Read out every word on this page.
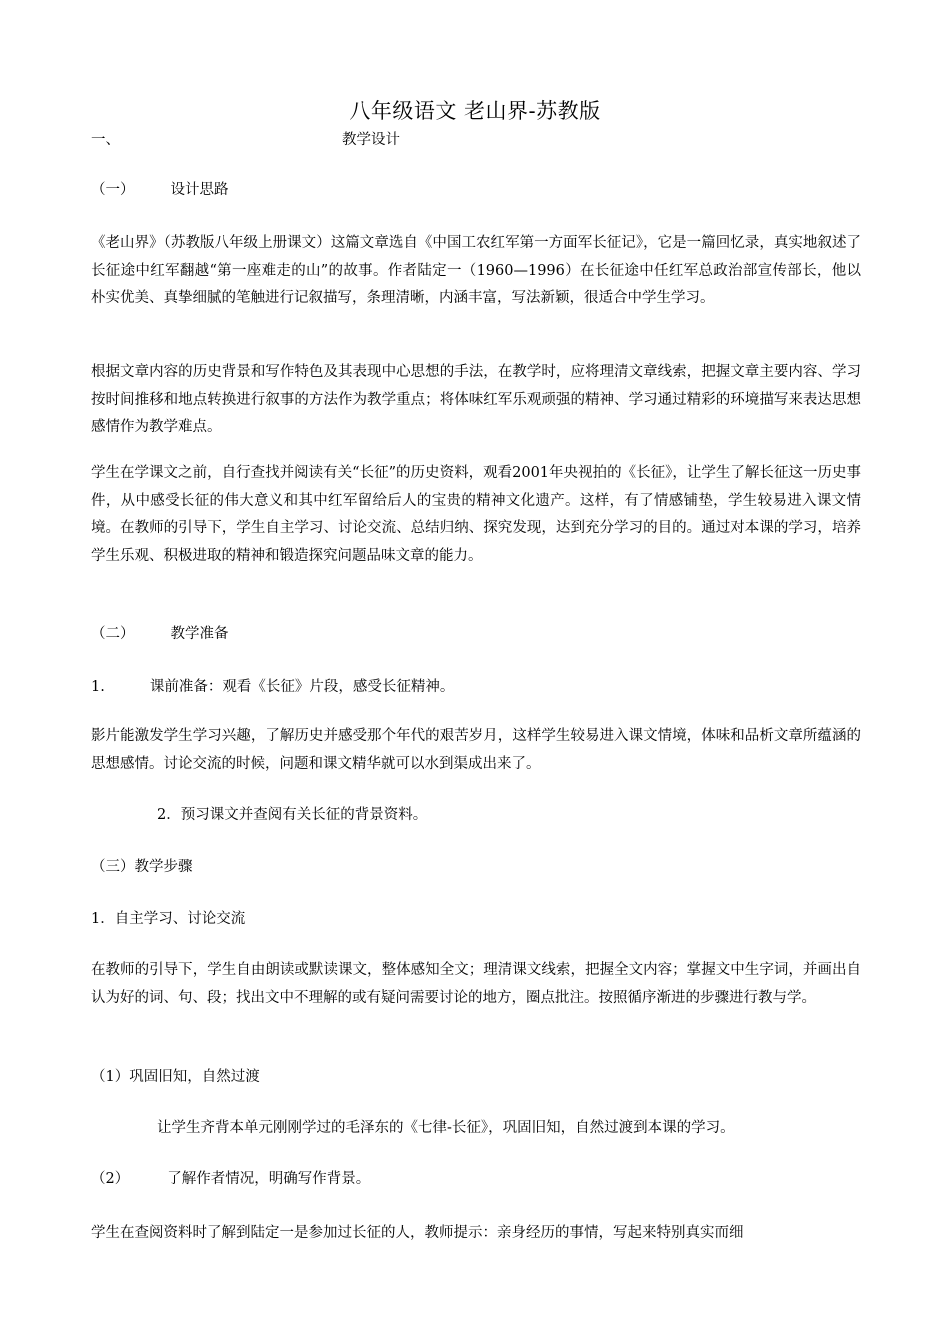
八年级语文 老山界-苏教版
一、	教学设计
（一） 设计思路
《老山界》（苏教版八年级上册课文）这篇文章选自《中国工农红军第一方面军长征记》，它是一篇回忆录，真实地叙述了长征途中红军翻越“第一座难走的山”的故事。作者陆定一（1960—1996）在长征途中任红军总政治部宣传部长，他以朴实优美、真挚细腻的笔触进行记叙描写，条理清晰，内涵丰富，写法新颖，很适合中学生学习。
根据文章内容的历史背景和写作特色及其表现中心思想的手法，在教学时，应将理清文章线索，把握文章主要内容、学习按时间推移和地点转换进行叙事的方法作为教学重点；将体味红军乐观顽强的精神、学习通过精彩的环境描写来表达思想感情作为教学难点。
学生在学课文之前，自行查找并阅读有关“长征”的历史资料，观看2001年央视拍的《长征》，让学生了解长征这一历史事件，从中感受长征的伟大意义和其中红军留给后人的宝贵的精神文化遗产。这样，有了情感铺垫，学生较易进入课文情境。在教师的引导下，学生自主学习、讨论交流、总结归纳、探究发现，达到充分学习的目的。通过对本课的学习，培养学生乐观、积极进取的精神和锻造探究问题品味文章的能力。
（二） 教学准备
1.	课前准备：观看《长征》片段，感受长征精神。
影片能激发学生学习兴趣，了解历史并感受那个年代的艰苦岁月，这样学生较易进入课文情境，体味和品析文章所蕴涵的思想感情。讨论交流的时候，问题和课文精华就可以水到渠成出来了。
2．预习课文并查阅有关长征的背景资料。
（三）教学步骤
1．自主学习、讨论交流
在教师的引导下，学生自由朗读或默读课文，整体感知全文；理清课文线索，把握全文内容；掌握文中生字词，并画出自认为好的词、句、段；找出文中不理解的或有疑问需要讨论的地方，圈点批注。按照循序渐进的步骤进行教与学。
（1）巩固旧知，自然过渡
让学生齐背本单元刚刚学过的毛泽东的《七律-长征》，巩固旧知，自然过渡到本课的学习。
（2）	了解作者情况，明确写作背景。
学生在查阅资料时了解到陆定一是参加过长征的人，教师提示：亲身经历的事情，写起来特别真实而细
